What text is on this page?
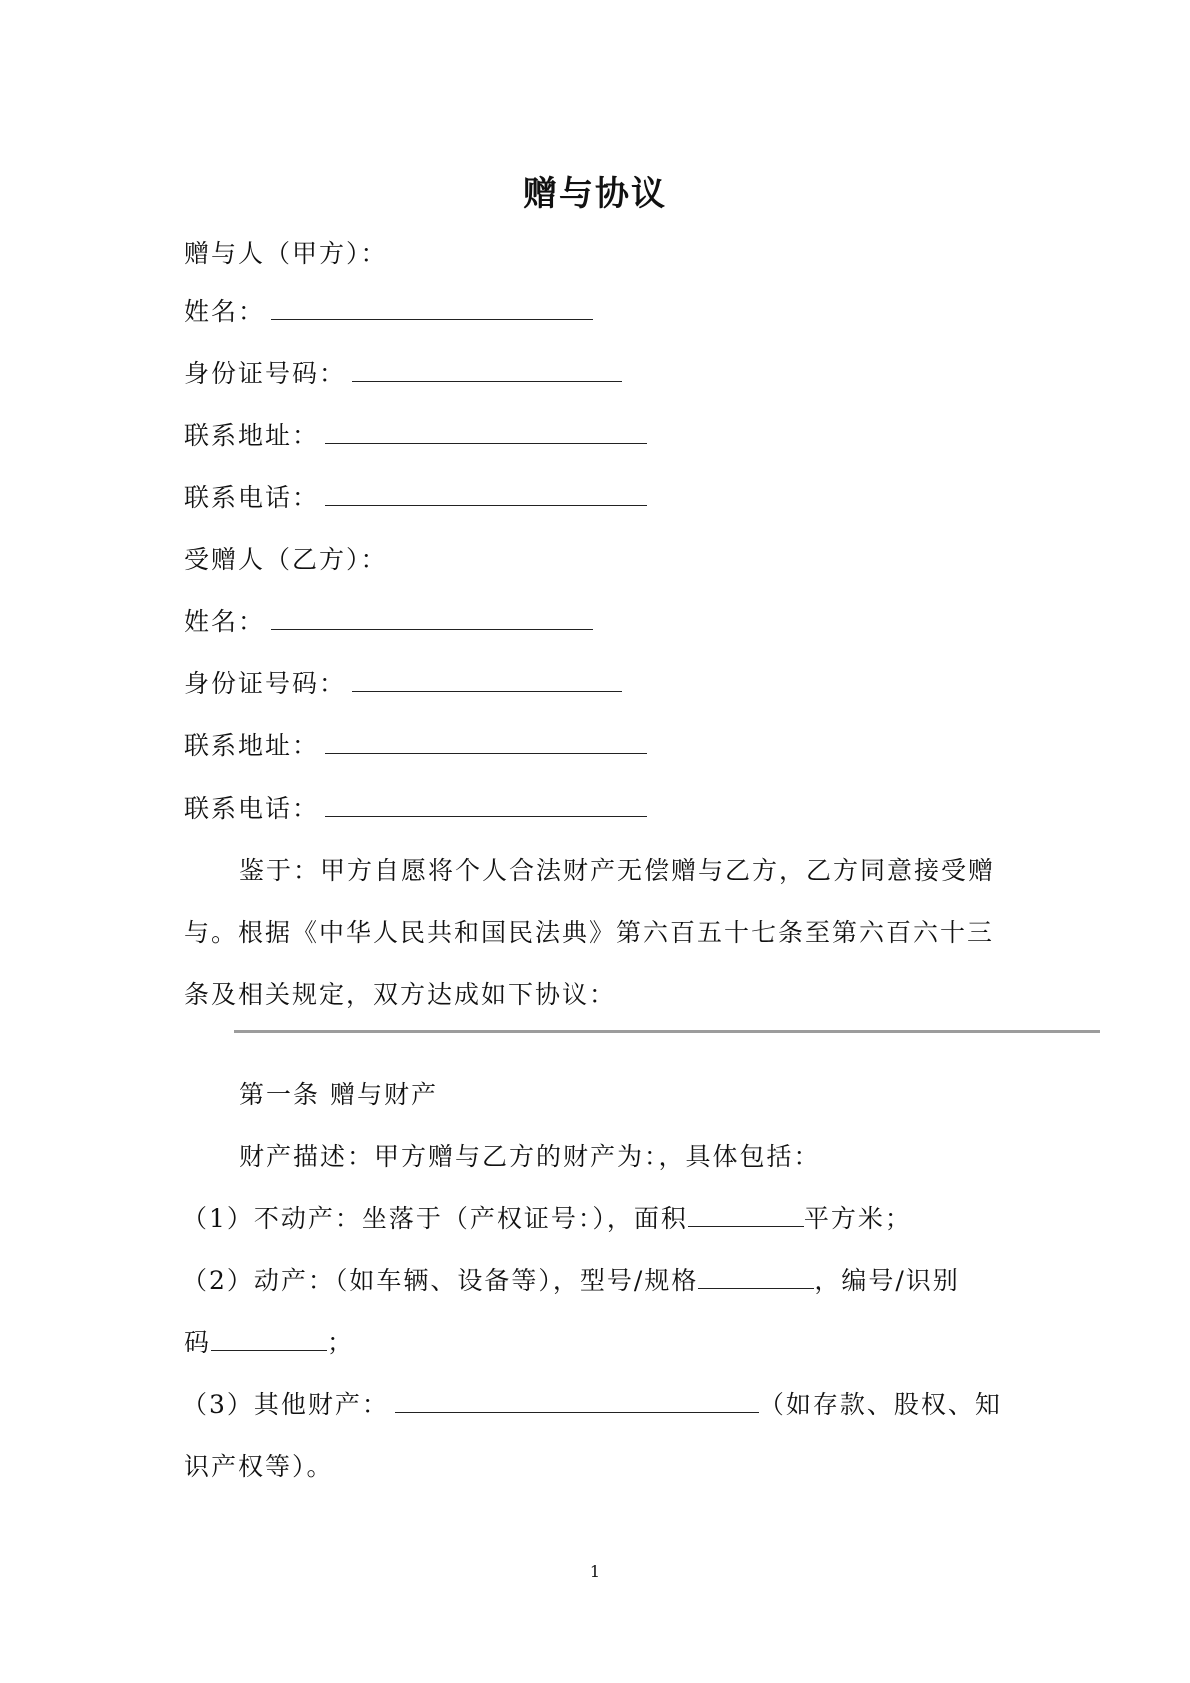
赠与协议
赠与人（甲方）：
姓名：
身份证号码：
联系地址：
联系电话：
受赠人（乙方）：
姓名：
身份证号码：
联系地址：
联系电话：
鉴于：甲方自愿将个人合法财产无偿赠与乙方，乙方同意接受赠
与。根据《中华人民共和国民法典》第六百五十七条至第六百六十三
条及相关规定，双方达成如下协议：
第一条 赠与财产
财产描述：甲方赠与乙方的财产为：，具体包括：
（1）不动产：坐落于（产权证号：），面积	平方米；
（2）动产：（如车辆、设备等），型号/规格	，编号/识别
码	；
（3）其他财产：	（如存款、股权、知
识产权等）。
1
